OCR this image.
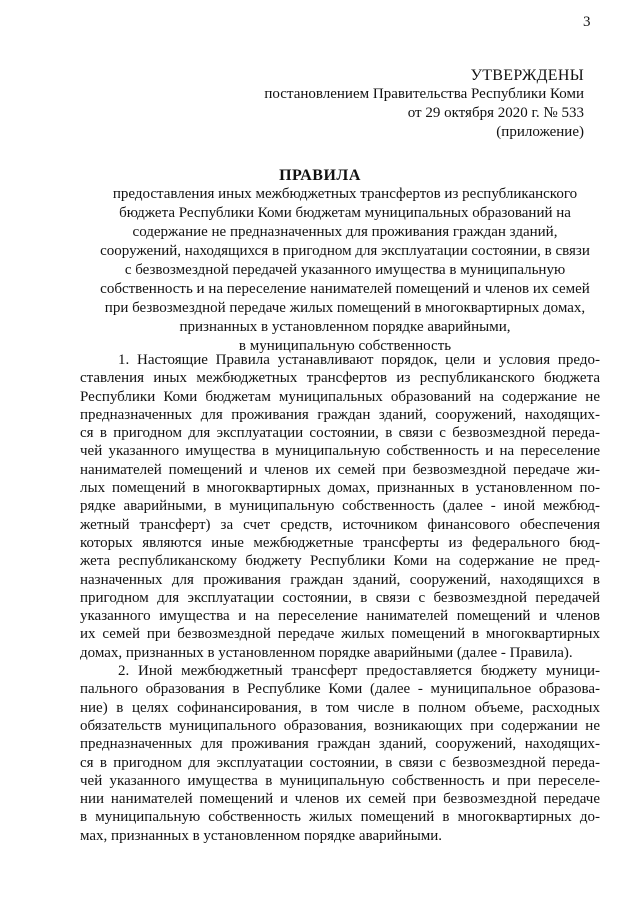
3
УТВЕРЖДЕНЫ
постановлением Правительства Республики Коми
от 29 октября 2020 г. № 533
(приложение)
ПРАВИЛА
предоставления иных межбюджетных трансфертов из республиканского
бюджета Республики Коми бюджетам муниципальных образований на
содержание не предназначенных для проживания граждан зданий,
сооружений, находящихся в пригодном для эксплуатации состоянии, в связи
с безвозмездной передачей указанного имущества в муниципальную
собственность и на переселение нанимателей помещений и членов их семей
при безвозмездной передаче жилых помещений в многоквартирных домах,
признанных в установленном порядке аварийными,
в муниципальную собственность
1. Настоящие Правила устанавливают порядок, цели и условия предо-
ставления иных межбюджетных трансфертов из республиканского бюджета
Республики Коми бюджетам муниципальных образований на содержание не
предназначенных для проживания граждан зданий, сооружений, находящих-
ся в пригодном для эксплуатации состоянии, в связи с безвозмездной переда-
чей указанного имущества в муниципальную собственность и на переселение
нанимателей помещений и членов их семей при безвозмездной передаче жи-
лых помещений в многоквартирных домах, признанных в установленном по-
рядке аварийными, в муниципальную собственность (далее - иной межбюд-
жетный трансферт) за счет средств, источником финансового обеспечения
которых являются иные межбюджетные трансферты из федерального бюд-
жета республиканскому бюджету Республики Коми на содержание не пред-
назначенных для проживания граждан зданий, сооружений, находящихся в
пригодном для эксплуатации состоянии, в связи с безвозмездной передачей
указанного имущества и на переселение нанимателей помещений и членов
их семей при безвозмездной передаче жилых помещений в многоквартирных
домах, признанных в установленном порядке аварийными (далее - Правила).
2. Иной межбюджетный трансферт предоставляется бюджету муници-
пального образования в Республике Коми (далее - муниципальное образова-
ние) в целях софинансирования, в том числе в полном объеме, расходных
обязательств муниципального образования, возникающих при содержании не
предназначенных для проживания граждан зданий, сооружений, находящих-
ся в пригодном для эксплуатации состоянии, в связи с безвозмездной переда-
чей указанного имущества в муниципальную собственность и при переселе-
нии нанимателей помещений и членов их семей при безвозмездной передаче
в муниципальную собственность жилых помещений в многоквартирных до-
мах, признанных в установленном порядке аварийными.
